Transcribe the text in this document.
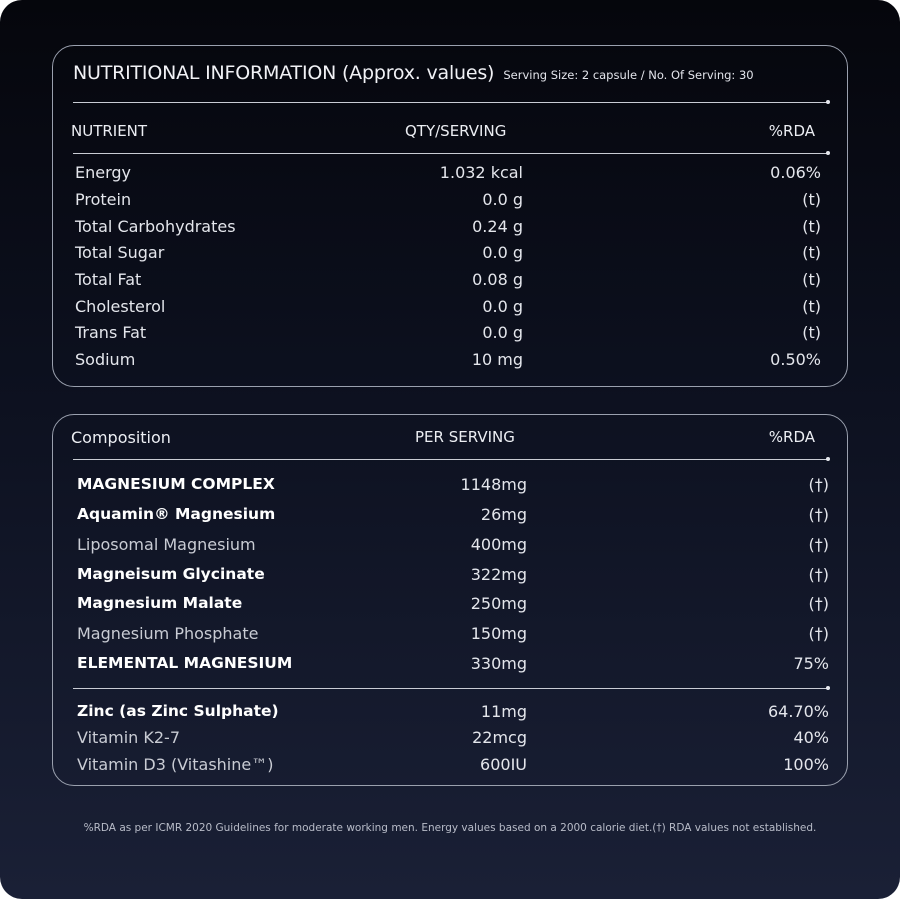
NUTRITIONAL INFORMATION (Approx. values) Serving Size: 2 capsule / No. Of Serving: 30
NUTRIENT	QTY/SERVING	%RDA
Energy	1.032 kcal	0.06%
Protein	0.0 g	(t)
Total Carbohydrates	0.24 g	(t)
Total Sugar	0.0 g	(t)
Total Fat	0.08 g	(t)
Cholesterol	0.0 g	(t)
Trans Fat	0.0 g	(t)
Sodium	10 mg	0.50%
Composition	PER SERVING	%RDA
MAGNESIUM COMPLEX	1148mg	(†)
Aquamin® Magnesium	26mg	(†)
Liposomal Magnesium	400mg	(†)
Magneisum Glycinate	322mg	(†)
Magnesium Malate	250mg	(†)
Magnesium Phosphate	150mg	(†)
ELEMENTAL MAGNESIUM	330mg	75%
Zinc (as Zinc Sulphate)	11mg	64.70%
Vitamin K2-7	22mcg	40%
Vitamin D3 (Vitashine™)	600IU	100%
%RDA as per ICMR 2020 Guidelines for moderate working men. Energy values based on a 2000 calorie diet.(†) RDA values not established.
